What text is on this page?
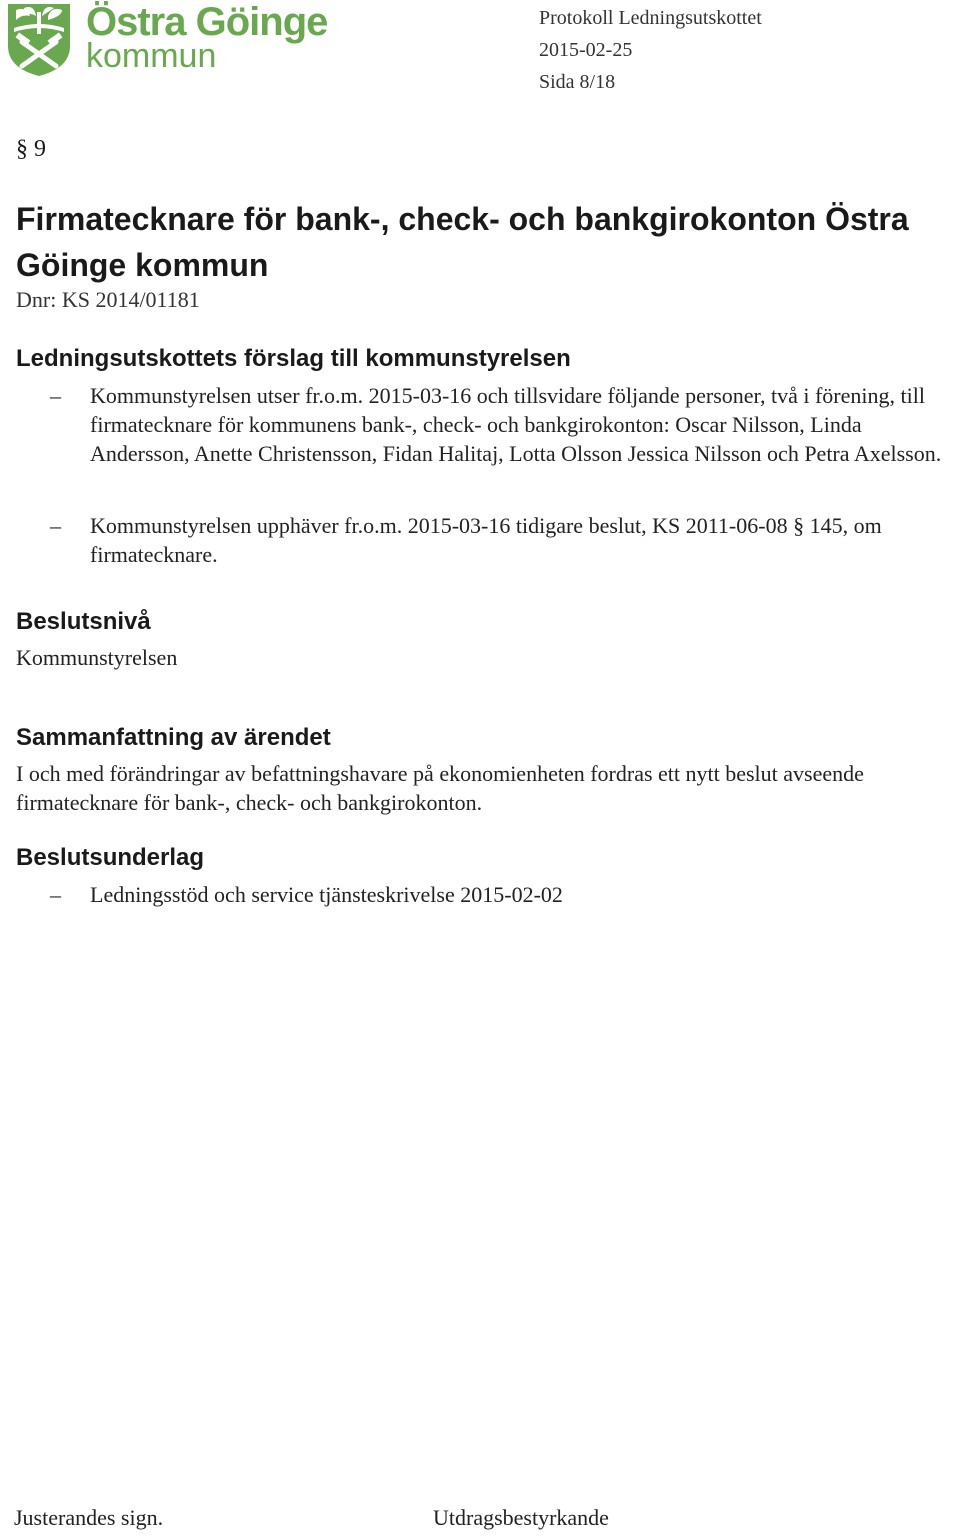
Östra Göinge
kommun
Protokoll Ledningsutskottet
2015-02-25
Sida 8/18
§ 9
Firmatecknare för bank-, check- och bankgirokonton Östra Göinge kommun
Dnr: KS 2014/01181
Ledningsutskottets förslag till kommunstyrelsen
–	Kommunstyrelsen utser fr.o.m. 2015-03-16 och tillsvidare följande personer, två i förening, till firmatecknare för kommunens bank-, check- och bankgirokonton: Oscar Nilsson, Linda Andersson, Anette Christensson, Fidan Halitaj, Lotta Olsson Jessica Nilsson och Petra Axelsson.
–	Kommunstyrelsen upphäver fr.o.m. 2015-03-16 tidigare beslut, KS 2011-06-08 § 145, om firmatecknare.
Beslutsnivå
Kommunstyrelsen
Sammanfattning av ärendet
I och med förändringar av befattningshavare på ekonomienheten fordras ett nytt beslut avseende firmatecknare för bank-, check- och bankgirokonton.
Beslutsunderlag
–	Ledningsstöd och service tjänsteskrivelse 2015-02-02
Justerandes sign.	Utdragsbestyrkande
